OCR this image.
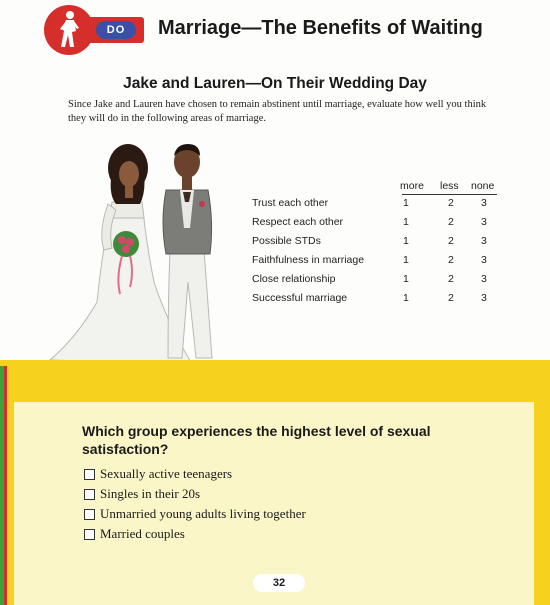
DO	Marriage—The Benefits of Waiting
Jake and Lauren—On Their Wedding Day
Since Jake and Lauren have chosen to remain abstinent until marriage, evaluate how well you think they will do in the following areas of marriage.
more less none
Trust each other	1	2	3
Respect each other	1	2	3
Possible STDs	1	2	3
Faithfulness in marriage	1	2	3
Close relationship	1	2	3
Successful marriage	1	2	3
Which group experiences the highest level of sexual satisfaction?
Sexually active teenagers
Singles in their 20s
Unmarried young adults living together
Married couples
32
